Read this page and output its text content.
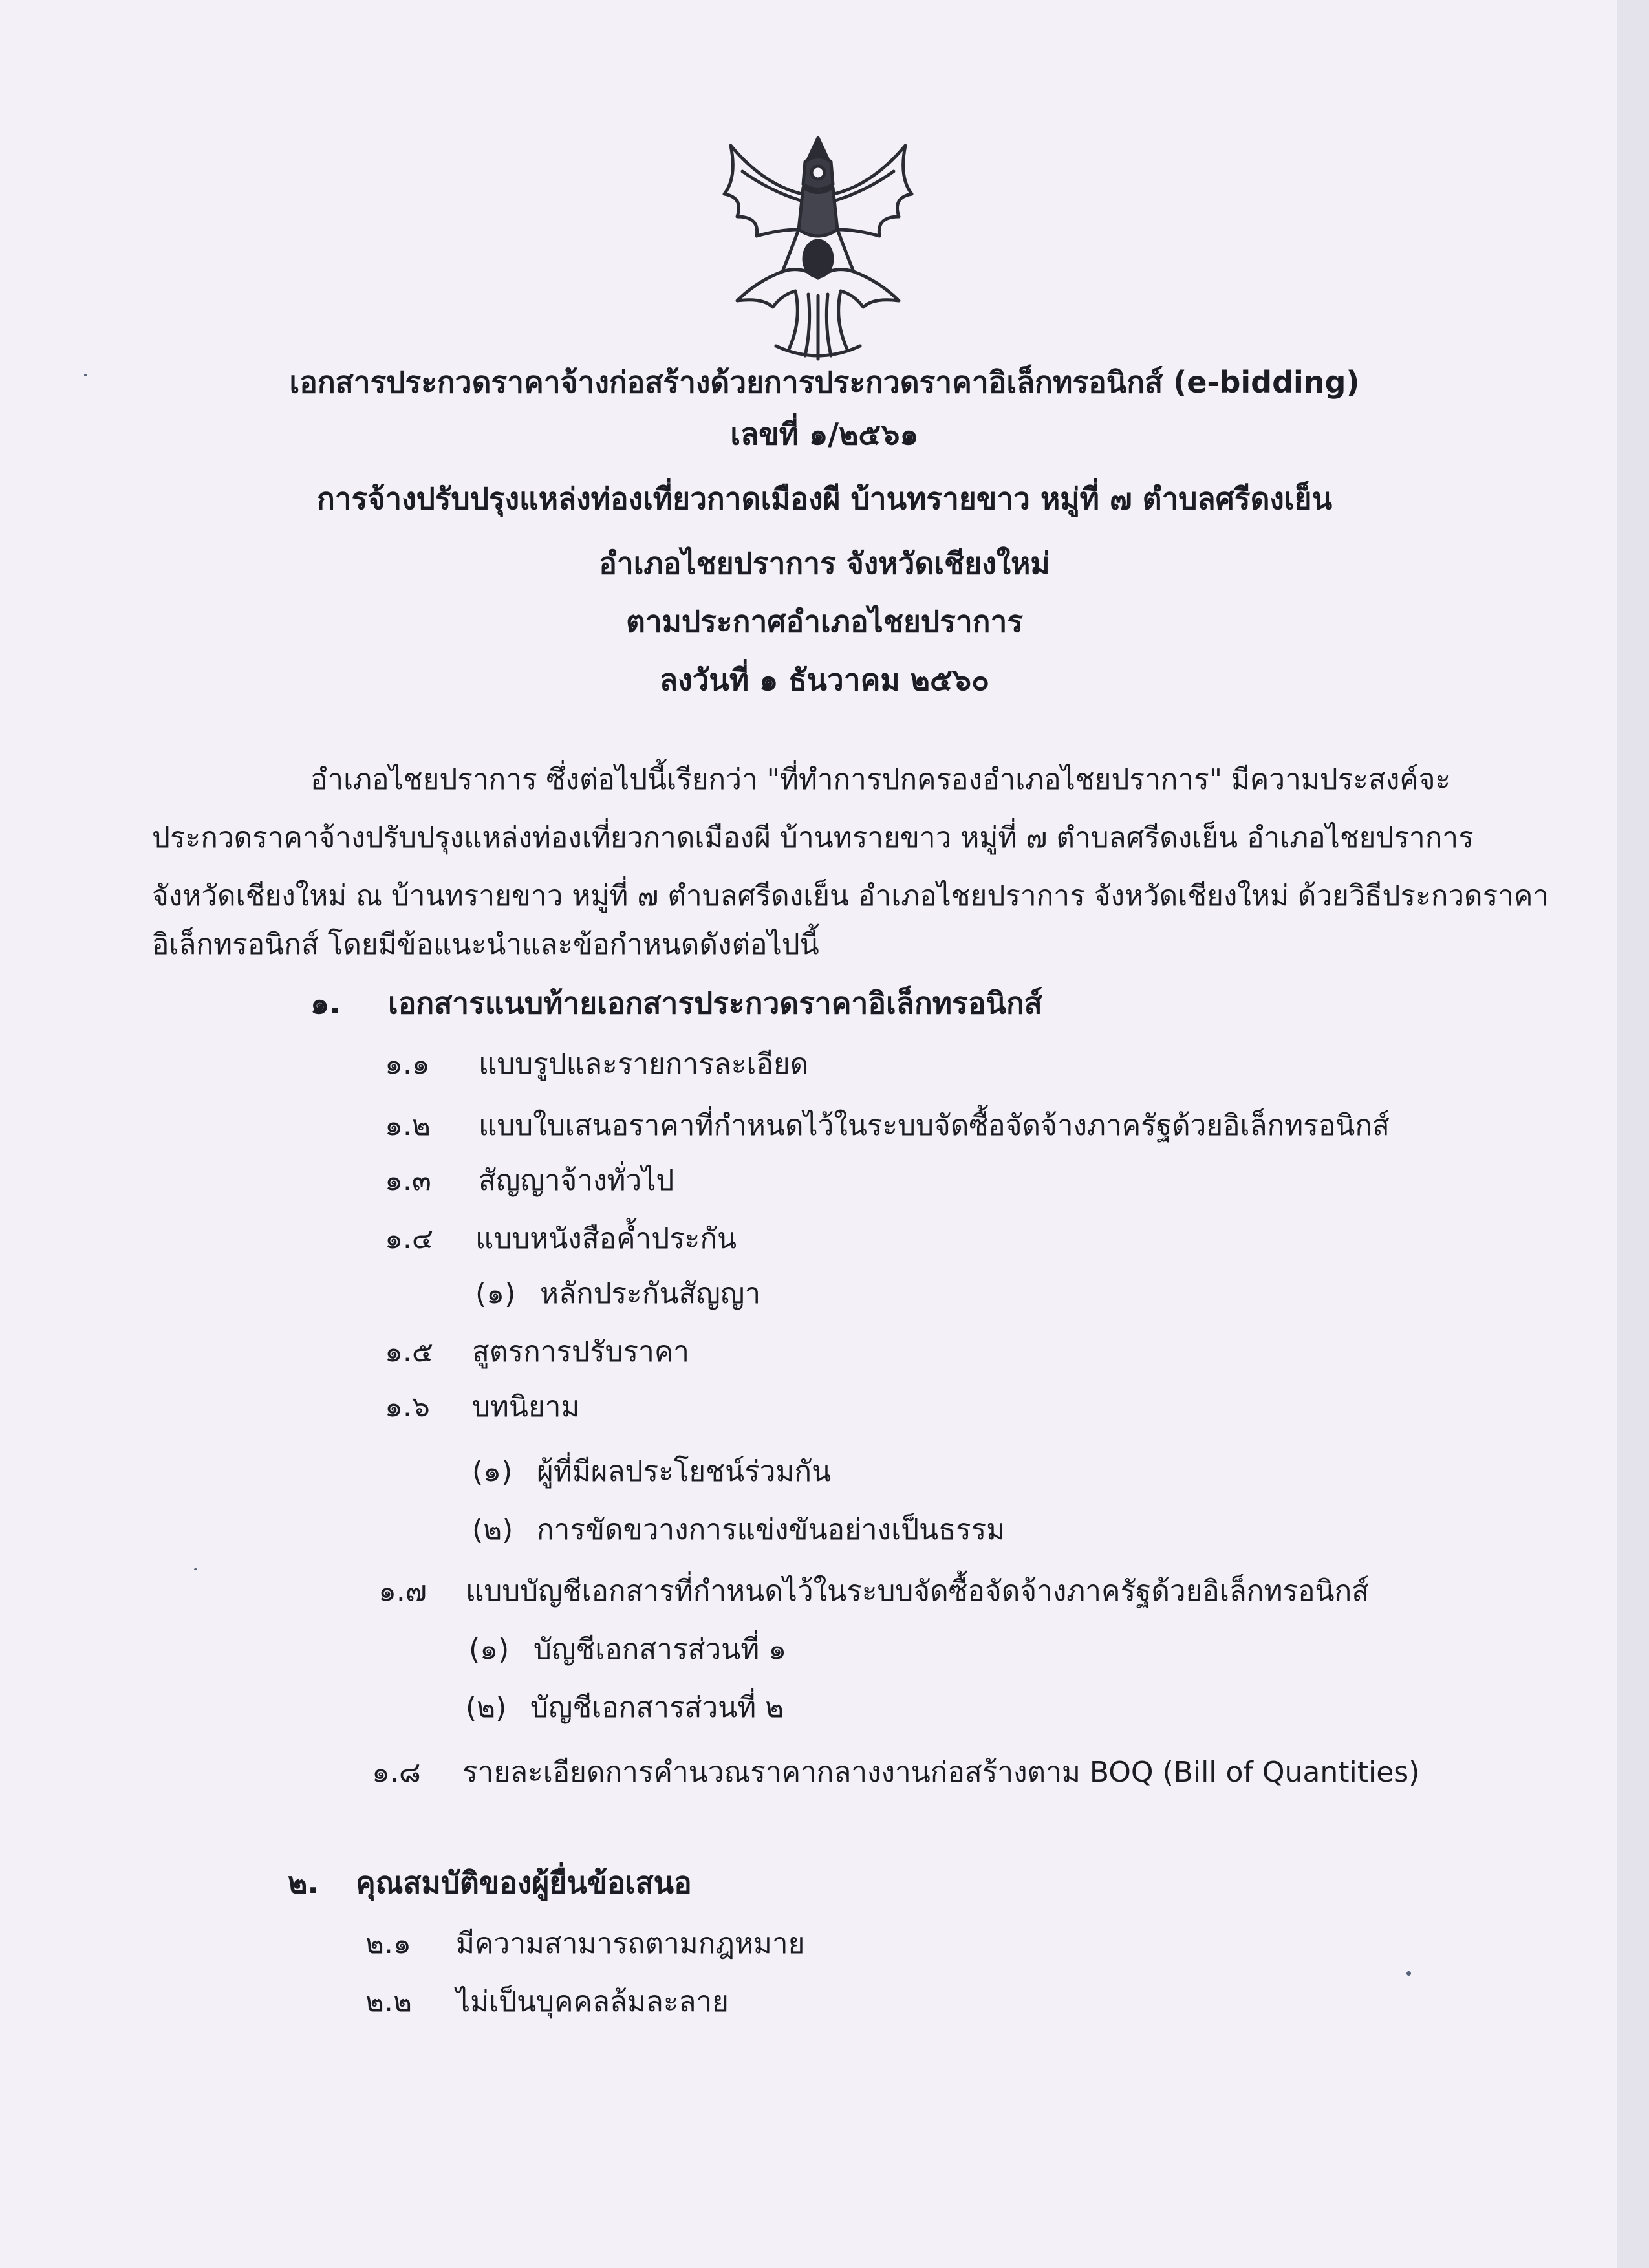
เอกสารประกวดราคาจ้างก่อสร้างด้วยการประกวดราคาอิเล็กทรอนิกส์ (e-bidding)
เลขที่ ๑/๒๕๖๑
การจ้างปรับปรุงแหล่งท่องเที่ยวกาดเมืองผี บ้านทรายขาว หมู่ที่ ๗ ตำบลศรีดงเย็น
อำเภอไชยปราการ จังหวัดเชียงใหม่
ตามประกาศอำเภอไชยปราการ
ลงวันที่ ๑ ธันวาคม ๒๕๖๐
อำเภอไชยปราการ ซึ่งต่อไปนี้เรียกว่า "ที่ทำการปกครองอำเภอไชยปราการ" มีความประสงค์จะ
ประกวดราคาจ้างปรับปรุงแหล่งท่องเที่ยวกาดเมืองผี บ้านทรายขาว หมู่ที่ ๗ ตำบลศรีดงเย็น อำเภอไชยปราการ
จังหวัดเชียงใหม่ ณ บ้านทรายขาว หมู่ที่ ๗ ตำบลศรีดงเย็น อำเภอไชยปราการ จังหวัดเชียงใหม่ ด้วยวิธีประกวดราคา
อิเล็กทรอนิกส์ โดยมีข้อแนะนำและข้อกำหนดดังต่อไปนี้
๑. เอกสารแนบท้ายเอกสารประกวดราคาอิเล็กทรอนิกส์
๑.๑ แบบรูปและรายการละเอียด
๑.๒ แบบใบเสนอราคาที่กำหนดไว้ในระบบจัดซื้อจัดจ้างภาครัฐด้วยอิเล็กทรอนิกส์
๑.๓ สัญญาจ้างทั่วไป
๑.๔ แบบหนังสือค้ำประกัน
(๑) หลักประกันสัญญา
๑.๕ สูตรการปรับราคา
๑.๖ บทนิยาม
(๑) ผู้ที่มีผลประโยชน์ร่วมกัน
(๒) การขัดขวางการแข่งขันอย่างเป็นธรรม
๑.๗ แบบบัญชีเอกสารที่กำหนดไว้ในระบบจัดซื้อจัดจ้างภาครัฐด้วยอิเล็กทรอนิกส์
(๑) บัญชีเอกสารส่วนที่ ๑
(๒) บัญชีเอกสารส่วนที่ ๒
๑.๘ รายละเอียดการคำนวณราคากลางงานก่อสร้างตาม BOQ (Bill of Quantities)
๒. คุณสมบัติของผู้ยื่นข้อเสนอ
๒.๑ มีความสามารถตามกฎหมาย
๒.๒ ไม่เป็นบุคคลล้มละลาย
